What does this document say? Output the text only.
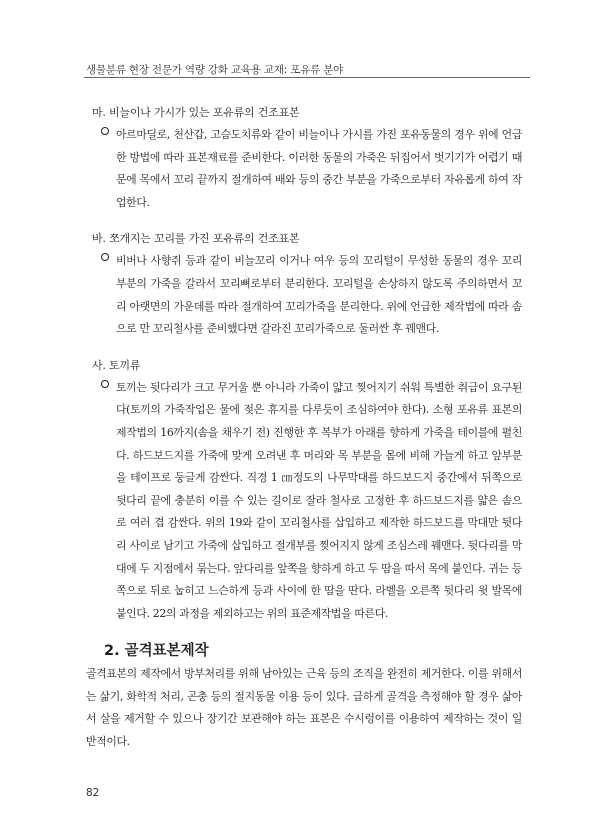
생물분류 현장 전문가 역량 강화 교육용 교재: 포유류 분야

마. 비늘이나 가시가 있는 포유류의 건조표본

아르마딜로, 천산갑, 고슴도치류와 같이 비늘이나 가시를 가진 포유동물의 경우 위에 언급한 방법에 따라 표본재료를 준비한다. 이러한 동물의 가죽은 뒤집어서 벗기기가 어렵기 때문에 목에서 꼬리 끝까지 절개하여 배와 등의 중간 부분을 가죽으로부터 자유롭게 하여 작업한다.

바. 쪼개지는 꼬리를 가진 포유류의 건조표본

비버나 사향쥐 등과 같이 비늘꼬리 이거나 여우 등의 꼬리털이 무성한 동물의 경우 꼬리 부분의 가죽을 갈라서 꼬리뼈로부터 분리한다. 꼬리털을 손상하지 않도록 주의하면서 꼬리 아랫면의 가운데를 따라 절개하여 꼬리가죽을 분리한다. 위에 언급한 제작법에 따라 솜으로 만 꼬리철사를 준비했다면 갈라진 꼬리가죽으로 둘러싼 후 꿰맨다.

사. 토끼류

토끼는 뒷다리가 크고 무거울 뿐 아니라 가죽이 얇고 찢어지기 쉬워 특별한 취급이 요구된다(토끼의 가죽작업은 물에 젖은 휴지를 다루듯이 조심하여야 한다). 소형 포유류 표본의 제작법의 16까지(솜을 채우기 전) 진행한 후 복부가 아래를 향하게 가죽을 테이블에 펼친다. 하드보드지를 가죽에 맞게 오려낸 후 머리와 목 부분을 몸에 비해 가늘게 하고 앞부분을 테이프로 둥글게 감싼다. 직경 1 ㎝정도의 나무막대를 하드보드지 중간에서 뒤쪽으로 뒷다리 끝에 충분히 이를 수 있는 길이로 잘라 철사로 고정한 후 하드보드지를 얇은 솜으로 여러 겹 감싼다. 위의 19와 같이 꼬리철사를 삽입하고 제작한 하드보드를 막대만 뒷다리 사이로 남기고 가죽에 삽입하고 절개부를 찢어지지 않게 조심스레 꿰맨다. 뒷다리를 막대에 두 지점에서 묶는다. 앞다리를 앞쪽을 향하게 하고 두 땀을 따서 목에 붙인다. 귀는 등쪽으로 뒤로 눕히고 느슨하게 등과 사이에 한 땀을 딴다. 라벨을 오른쪽 뒷다리 윗 발목에 붙인다. 22의 과정을 제외하고는 위의 표준제작법을 따른다.

2. 골격표본제작

골격표본의 제작에서 방부처리를 위해 남아있는 근육 등의 조직을 완전히 제거한다. 이를 위해서는 삶기, 화학적 처리, 곤충 등의 절지동물 이용 등이 있다. 급하게 골격을 측정해야 할 경우 삶아서 살을 제거할 수 있으나 장기간 보관해야 하는 표본은 수시렁이를 이용하여 제작하는 것이 일반적이다.

82
